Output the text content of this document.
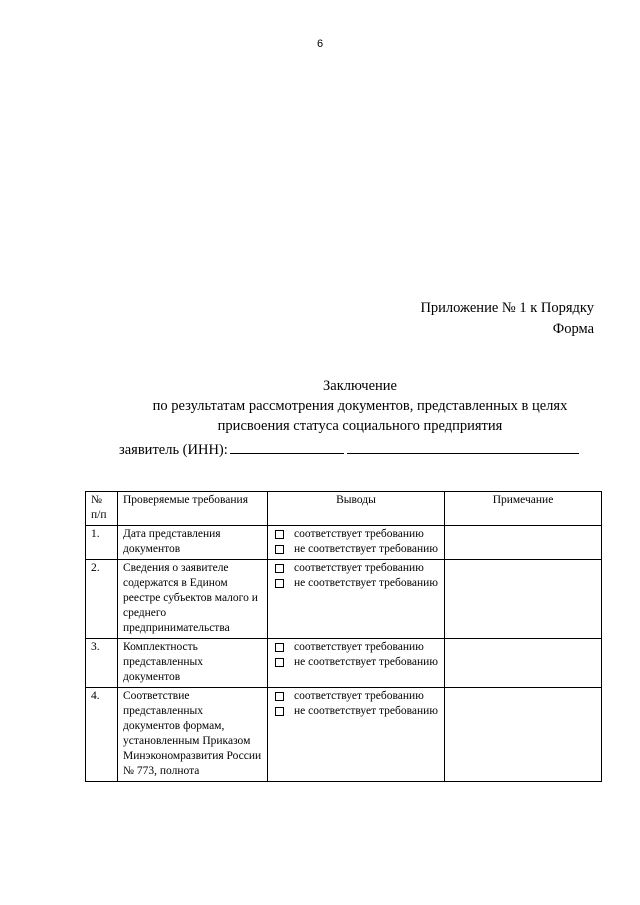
6
Приложение № 1 к Порядку
Форма
Заключение
по результатам рассмотрения документов, представленных в целях
присвоения статуса социального предприятия
заявитель (ИНН):
№ п/п	Проверяемые требования	Выводы	Примечание
1.	Дата представления документов	соответствует требованию
не соответствует требованию	

2.	Сведения о заявителе содержатся в Едином реестре субъектов малого и среднего предпринимательства	соответствует требованию
не соответствует требованию	

3.	Комплектность представленных документов	соответствует требованию
не соответствует требованию	

4.	Соответствие представленных документов формам, установленным Приказом Минэкономразвития России № 773, полнота	соответствует требованию
не соответствует требованию	
